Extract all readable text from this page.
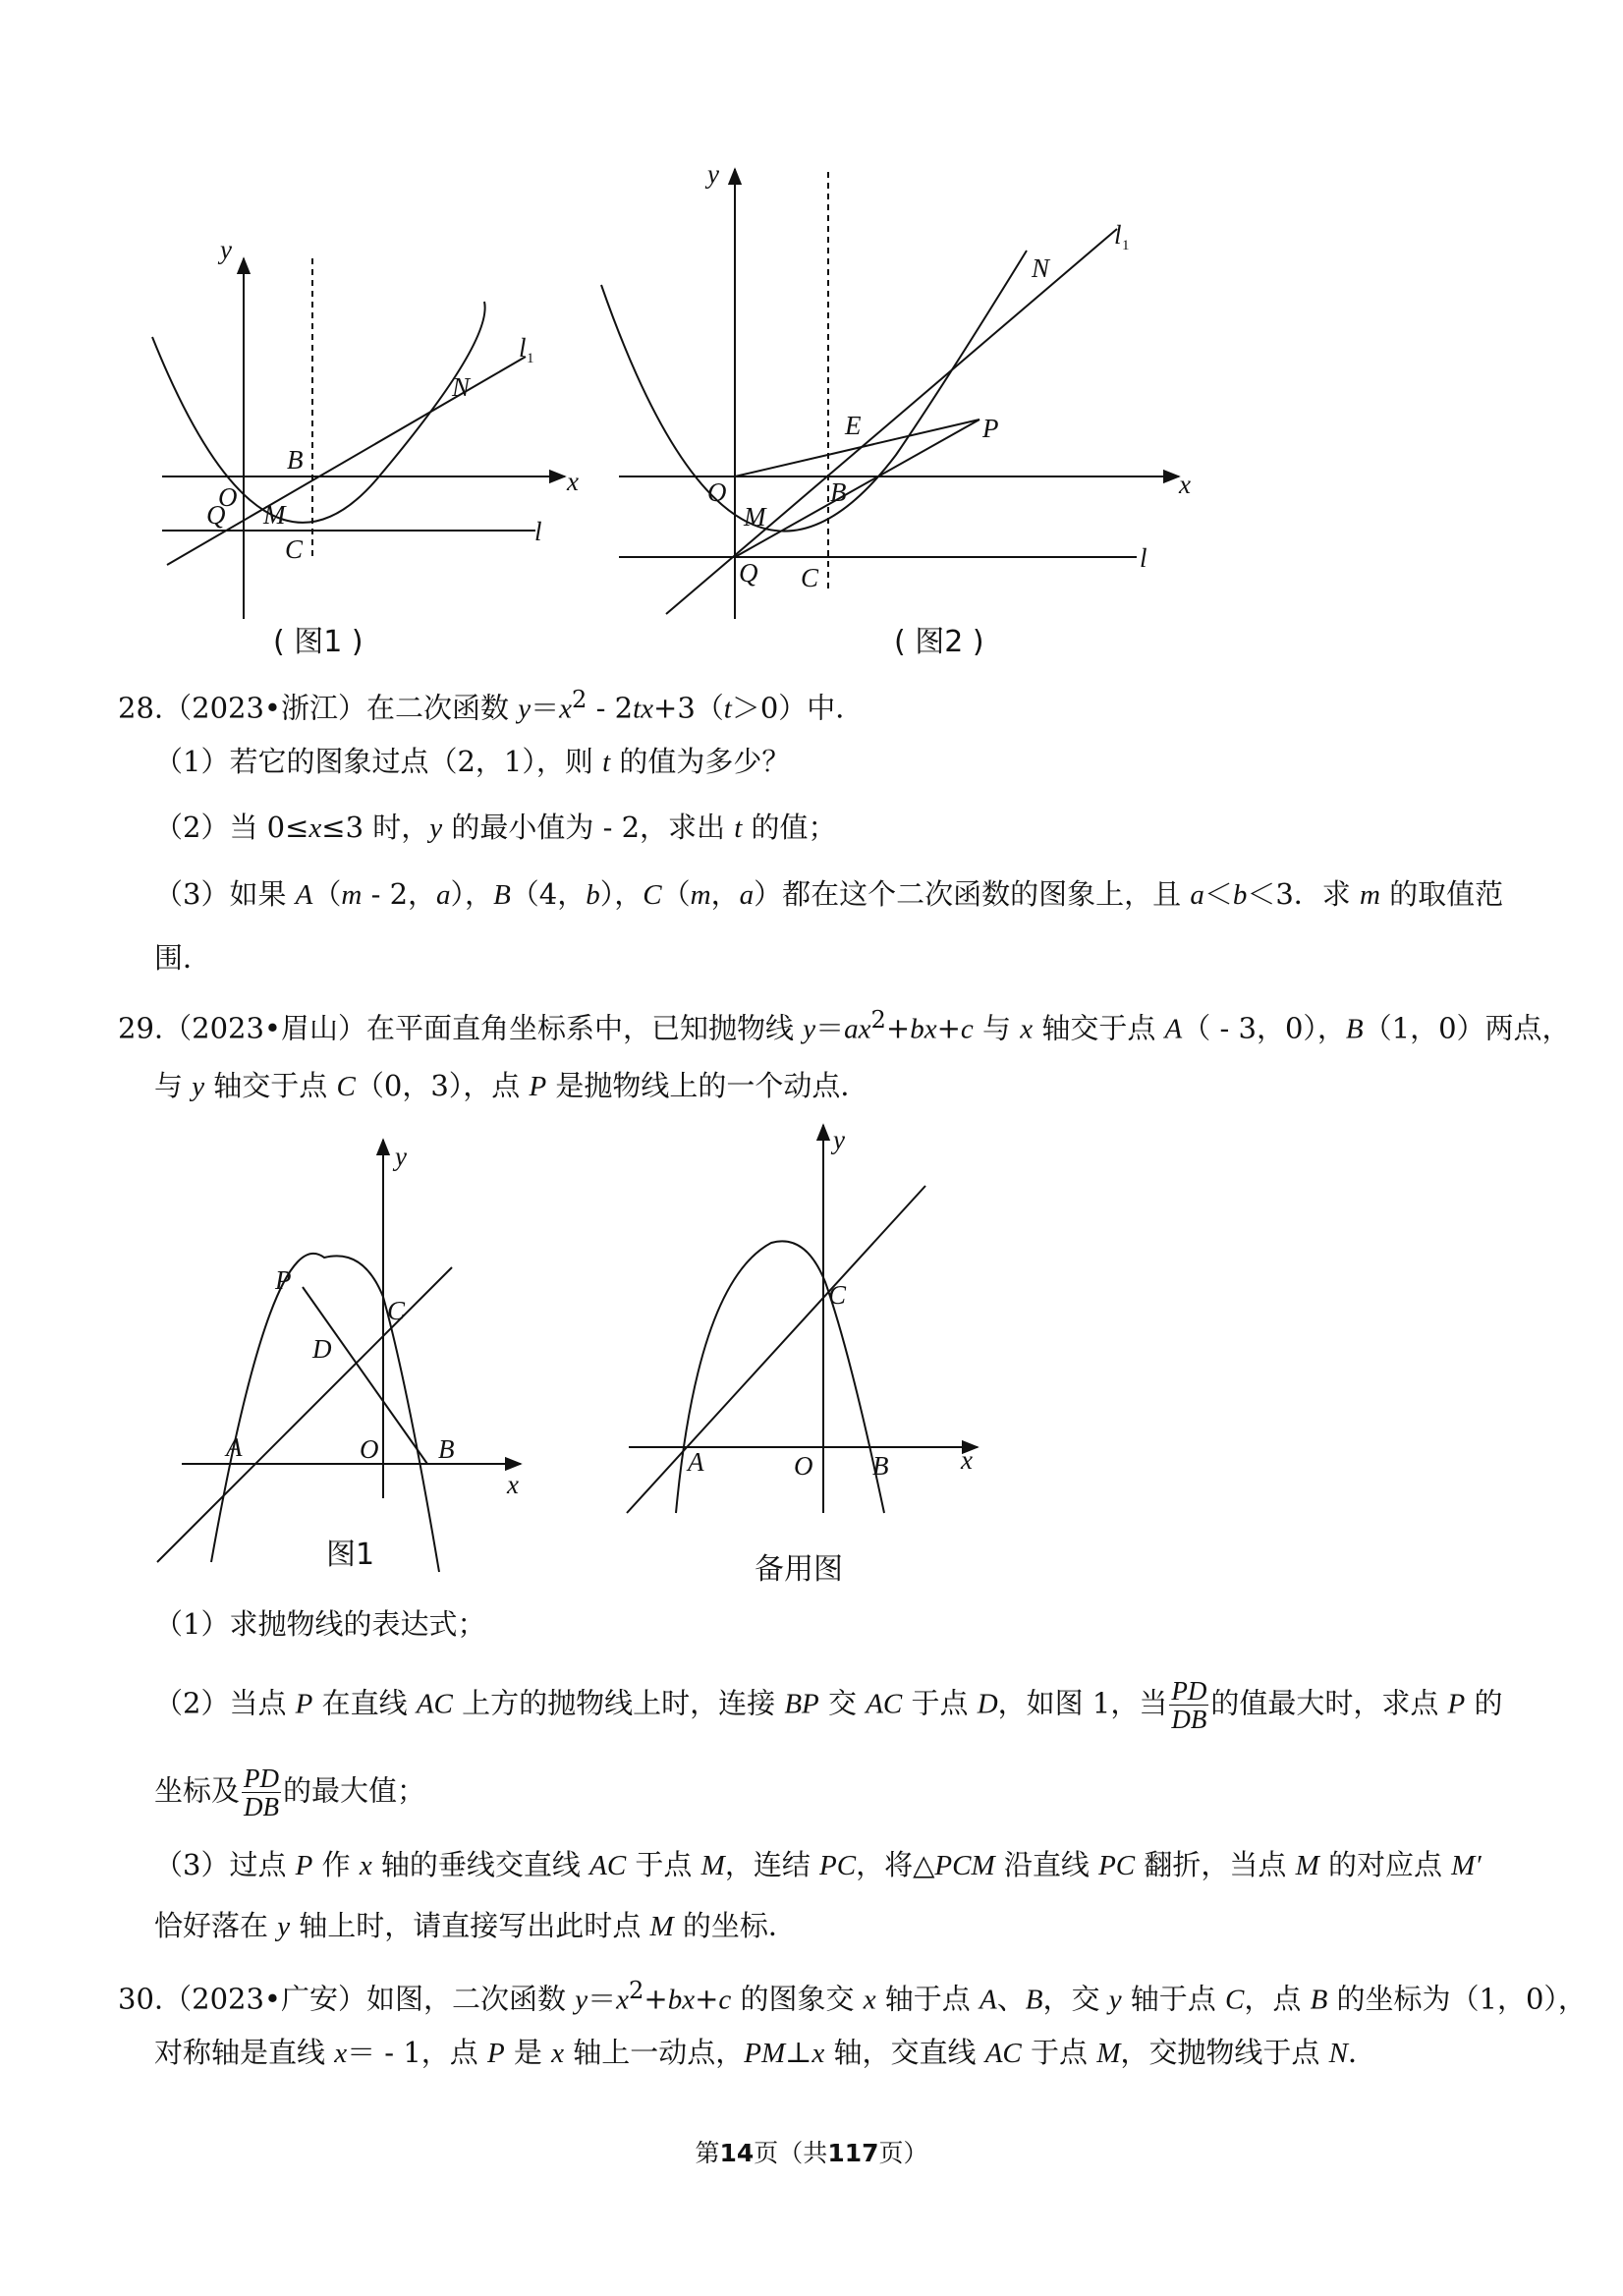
y
x
O
Q M
B
C
N
l 1
l
( 图1 )
y
x
O
M
B
E	P
N
Q C
l 1
l
( 图2 )
28.（2023•浙江）在二次函数 $y=x^2 - 2tx+3(t>0)$中．
（1）若它的图象过点（2，1），则 t 的值为多少？
（2）当 0≤x≤3 时，y 的最小值为 - 2，求出 t 的值；
（3）如果 A（m - 2，a），B（4，b），C（m，a）都在这个二次函数的图象上，且 a＜b＜3．求 m 的取值范
围．
29.（2023•眉山）在平面直角坐标系中，已知抛物线 $y=ax^2+bx+c$ 与 x 轴交于点 A（ - 3，0），B（1，0）两点，
与 y 轴交于点 C（0，3），点 P 是抛物线上的一个动点．
y
x
P
C
D
A	O B
图1
y
x
C
A	O B
备用图
（1）求抛物线的表达式；
（2）当点 P 在直线 AC 上方的抛物线上时，连接 BP 交 AC 于点 D，如图 1，当 $\frac{PD}{DB}$ 的值最大时，求点 P 的
坐标及 $\frac{PD}{DB}$ 的最大值；
（3）过点 P 作 x 轴的垂线交直线 AC 于点 M，连结 PC，将△PCM 沿直线 PC 翻折，当点 M 的对应点 M′
恰好落在 y 轴上时，请直接写出此时点 M 的坐标．
30.（2023•广安）如图，二次函数 $y=x^2+bx+c$ 的图象交 x 轴于点 A、B，交 y 轴于点 C，点 B 的坐标为（1，0），
对称轴是直线 x＝ - 1，点 P 是 x 轴上一动点，PM⊥x 轴，交直线 AC 于点 M，交抛物线于点 N．
第14页（共117页）
